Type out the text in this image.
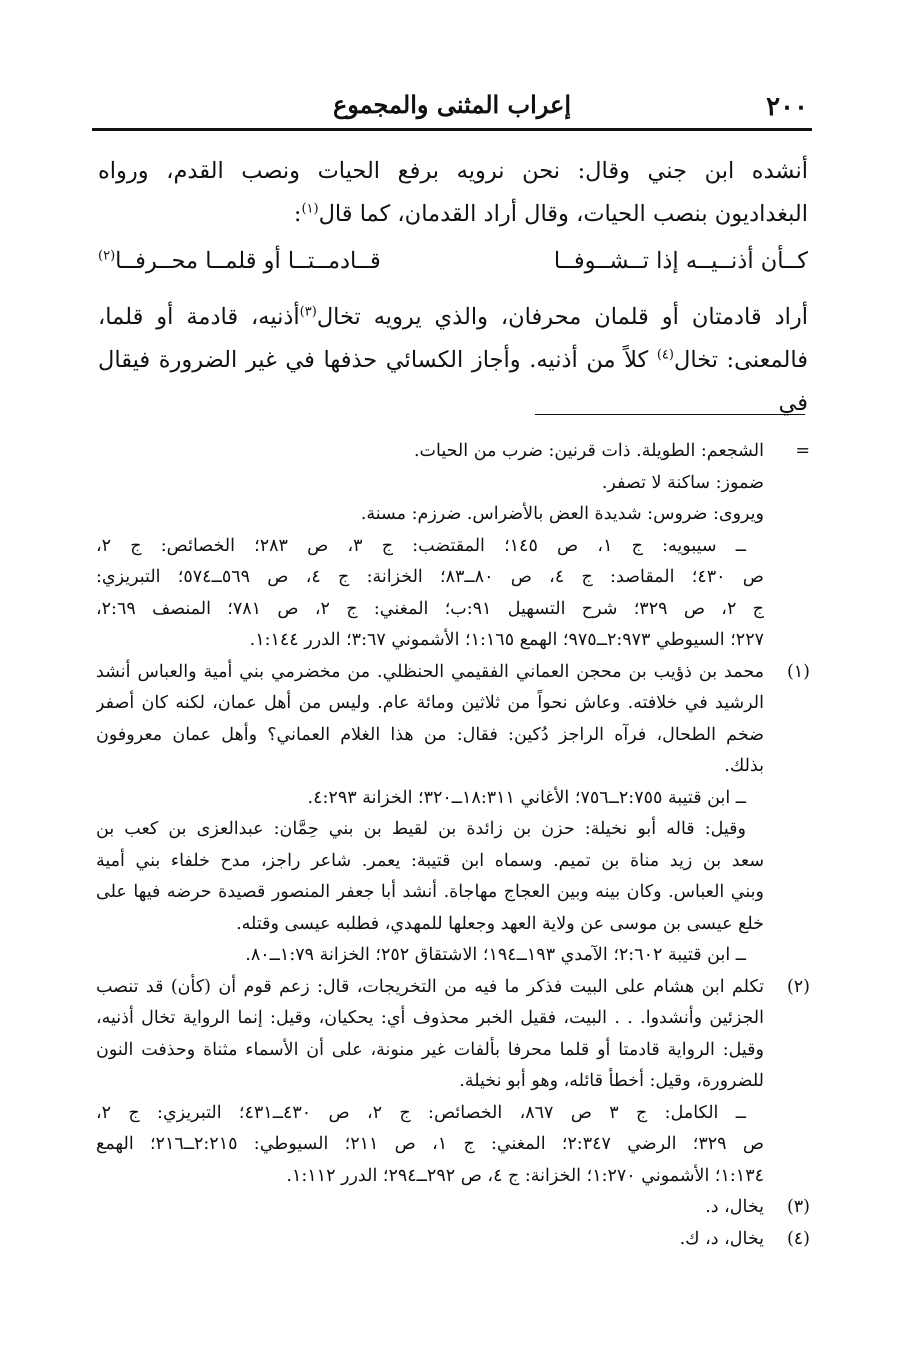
٢٠٠
إعراب المثنى والمجموع

أنشده ابن جني وقال: نحن نرويه برفع الحيات ونصب القدم، ورواه

البغداديون بنصب الحيات، وقال أراد القدمان، كما قال$^{(١)}$:

كــأن أذنــيــه إذا تــشــوفــا
قــادمــتــا أو قلمــا محــرفــا$^{(٢)}$

أراد قادمتان أو قلمان محرفان، والذي يرويه تخال$^{(٣)}$أذنيه، قادمة أو قلما،

فالمعنى: تخال$^{(٤)}$ كلاً من أذنيه. وأجاز الكسائي حذفها في غير الضرورة فيقال في

=

الشجعم: الطويلة. ذات قرنين: ضرب من الحيات.

ضموز: ساكنة لا تصفر.

ويروى: ضروس: شديدة العض بالأضراس. ضرزم: مسنة.

ــ سيبويه: ج ١، ص ١٤٥؛ المقتضب: ج ٣، ص ٢٨٣؛ الخصائص: ج ٢،

ص ٤٣٠؛ المقاصد: ج ٤، ص ٨٠ــ٨٣؛ الخزانة: ج ٤، ص ٥٦٩ــ٥٧٤؛ التبريزي:

ج ٢، ص ٣٢٩؛ شرح التسهيل ٩١:ب؛ المغني: ج ٢، ص ٧٨١؛ المنصف ٢:٦٩،

٢٢٧؛ السيوطي ٢:٩٧٣ــ٩٧٥؛ الهمع ١:١٦٥؛ الأشموني ٣:٦٧؛ الدرر ١:١٤٤.

(١)

محمد بن ذؤيب بن محجن العماني الفقيمي الحنظلي. من مخضرمي بني أمية والعباس أنشد

الرشيد في خلافته. وعاش نحواً من ثلاثين ومائة عام. وليس من أهل عمان، لكنه كان أصفر

ضخم الطحال، فرآه الراجز دُكين: فقال: من هذا الغلام العماني؟ وأهل عمان معروفون

بذلك.

ــ ابن قتيبة ٢:٧٥٥ــ٧٥٦؛ الأغاني ١٨:٣١١ــ٣٢٠؛ الخزانة ٤:٢٩٣.

وقيل: قاله أبو نخيلة: حزن بن زائدة بن لقيط بن بني حِمَّان: عبدالعزى بن كعب بن

سعد بن زيد مناة بن تميم. وسماه ابن قتيبة: يعمر. شاعر راجز، مدح خلفاء بني أمية

وبني العباس. وكان بينه وبين العجاج مهاجاة. أنشد أبا جعفر المنصور قصيدة حرضه فيها على

خلع عيسى بن موسى عن ولاية العهد وجعلها للمهدي، فطلبه عيسى وقتله.

ــ ابن قتيبة ٢:٦٠٢؛ الآمدي ١٩٣ــ١٩٤؛ الاشتقاق ٢٥٢؛ الخزانة ١:٧٩ــ٨٠.

(٢)

تكلم ابن هشام على البيت فذكر ما فيه من التخريجات، قال: زعم قوم أن (كأن) قد تنصب

الجزئين وأنشدوا. . . البيت، فقيل الخبر محذوف أي: يحكيان، وقيل: إنما الرواية تخال أذنيه،

وقيل: الرواية قادمتا أو قلما محرفا بألفات غير منونة، على أن الأسماء مثناة وحذفت النون

للضرورة، وقيل: أخطأ قائله، وهو أبو نخيلة.

ــ الكامل: ج ٣ ص ٨٦٧، الخصائص: ج ٢، ص ٤٣٠ــ٤٣١؛ التبريزي: ج ٢،

ص ٣٢٩؛ الرضي ٢:٣٤٧؛ المغني: ج ١، ص ٢١١؛ السيوطي: ٢:٢١٥ــ٢١٦؛ الهمع

١:١٣٤؛ الأشموني ١:٢٧٠؛ الخزانة: ج ٤، ص ٢٩٢ــ٢٩٤؛ الدرر ١:١١٢.

(٣)

يخال، د.

(٤)

يخال، د، ك.
